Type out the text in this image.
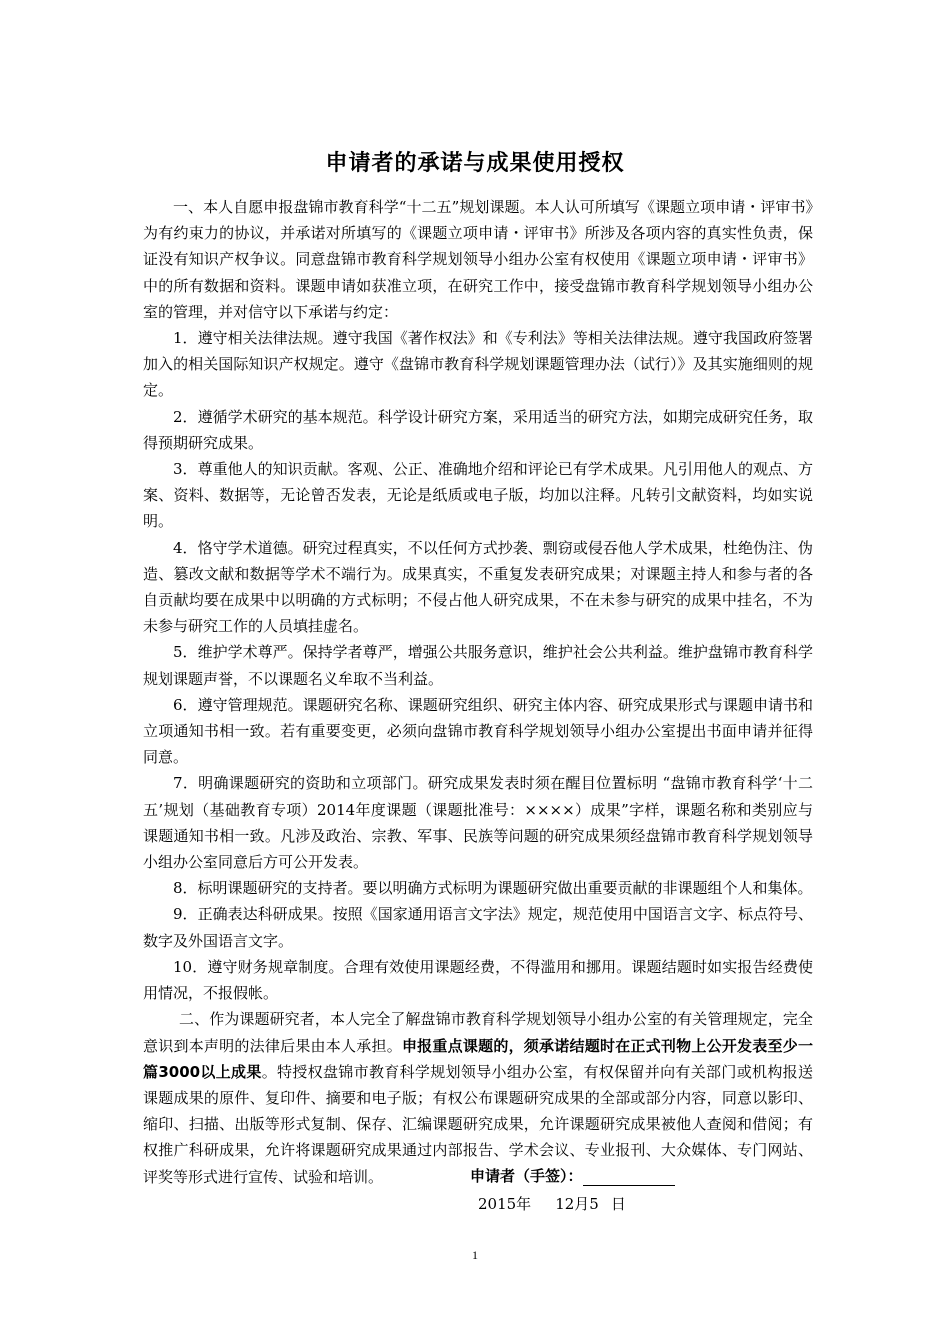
申请者的承诺与成果使用授权

一、本人自愿申报盘锦市教育科学“十二五”规划课题。本人认可所填写《课题立项申请・评审书》为有约束力的协议，并承诺对所填写的《课题立项申请・评审书》所涉及各项内容的真实性负责，保证没有知识产权争议。同意盘锦市教育科学规划领导小组办公室有权使用《课题立项申请・评审书》中的所有数据和资料。课题申请如获准立项，在研究工作中，接受盘锦市教育科学规划领导小组办公室的管理，并对信守以下承诺与约定：

1．遵守相关法律法规。遵守我国《著作权法》和《专利法》等相关法律法规。遵守我国政府签署加入的相关国际知识产权规定。遵守《盘锦市教育科学规划课题管理办法（试行）》及其实施细则的规定。

2．遵循学术研究的基本规范。科学设计研究方案，采用适当的研究方法，如期完成研究任务，取得预期研究成果。

3．尊重他人的知识贡献。客观、公正、准确地介绍和评论已有学术成果。凡引用他人的观点、方案、资料、数据等，无论曾否发表，无论是纸质或电子版，均加以注释。凡转引文献资料，均如实说明。

4．恪守学术道德。研究过程真实，不以任何方式抄袭、剽窃或侵吞他人学术成果，杜绝伪注、伪造、篡改文献和数据等学术不端行为。成果真实，不重复发表研究成果；对课题主持人和参与者的各自贡献均要在成果中以明确的方式标明；不侵占他人研究成果，不在未参与研究的成果中挂名，不为未参与研究工作的人员填挂虚名。

5．维护学术尊严。保持学者尊严，增强公共服务意识，维护社会公共利益。维护盘锦市教育科学规划课题声誉，不以课题名义牟取不当利益。

6．遵守管理规范。课题研究名称、课题研究组织、研究主体内容、研究成果形式与课题申请书和立项通知书相一致。若有重要变更，必须向盘锦市教育科学规划领导小组办公室提出书面申请并征得同意。

7．明确课题研究的资助和立项部门。研究成果发表时须在醒目位置标明 “盘锦市教育科学‘十二五’规划（基础教育专项）2014年度课题（课题批准号：××××）成果”字样，课题名称和类别应与课题通知书相一致。凡涉及政治、宗教、军事、民族等问题的研究成果须经盘锦市教育科学规划领导小组办公室同意后方可公开发表。

8．标明课题研究的支持者。要以明确方式标明为课题研究做出重要贡献的非课题组个人和集体。

9．正确表达科研成果。按照《国家通用语言文字法》规定，规范使用中国语言文字、标点符号、数字及外国语言文字。

10．遵守财务规章制度。合理有效使用课题经费，不得滥用和挪用。课题结题时如实报告经费使用情况，不报假帐。

二、作为课题研究者，本人完全了解盘锦市教育科学规划领导小组办公室的有关管理规定，完全意识到本声明的法律后果由本人承担。申报重点课题的，须承诺结题时在正式刊物上公开发表至少一篇3000以上成果。特授权盘锦市教育科学规划领导小组办公室，有权保留并向有关部门或机构报送课题成果的原件、复印件、摘要和电子版；有权公布课题研究成果的全部或部分内容，同意以影印、缩印、扫描、出版等形式复制、保存、汇编课题研究成果，允许课题研究成果被他人查阅和借阅；有权推广科研成果，允许将课题研究成果通过内部报告、学术会议、专业报刊、大众媒体、专门网站、评奖等形式进行宣传、试验和培训。	申请者（手签）：
2015年 12月5 日
1
